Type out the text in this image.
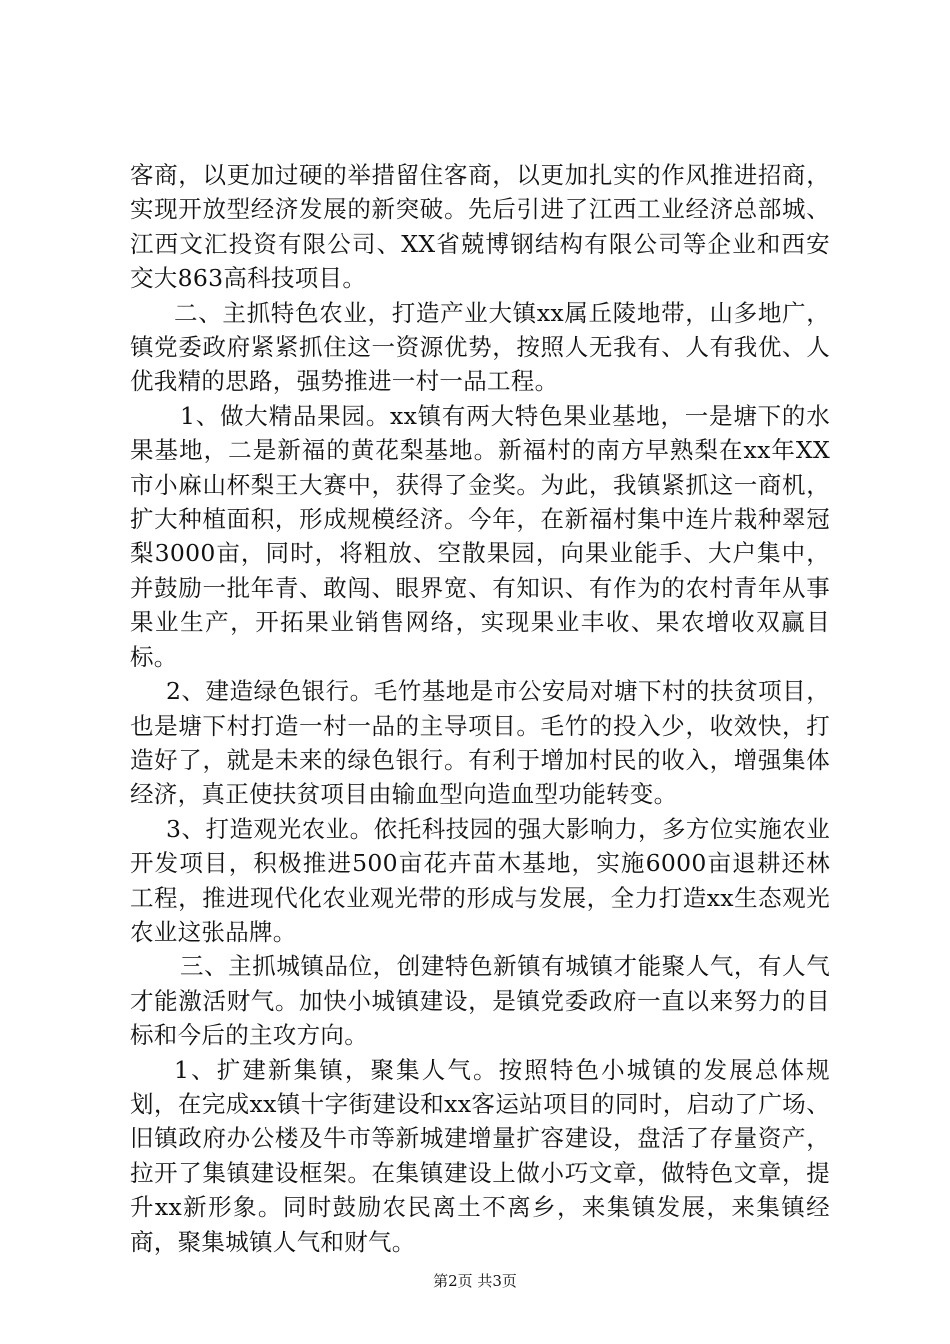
客商，以更加过硬的举措留住客商，以更加扎实的作风推进招商，实现开放型经济发展的新突破。先后引进了江西工业经济总部城、江西文汇投资有限公司、XX省兢博钢结构有限公司等企业和西安交大863高科技项目。

二、主抓特色农业，打造产业大镇xx属丘陵地带，山多地广，镇党委政府紧紧抓住这一资源优势，按照人无我有、人有我优、人优我精的思路，强势推进一村一品工程。

1、做大精品果园。xx镇有两大特色果业基地，一是塘下的水果基地，二是新福的黄花梨基地。新福村的南方早熟梨在xx年XX市小麻山杯梨王大赛中，获得了金奖。为此，我镇紧抓这一商机，扩大种植面积，形成规模经济。今年，在新福村集中连片栽种翠冠梨3000亩，同时，将粗放、空散果园，向果业能手、大户集中，并鼓励一批年青、敢闯、眼界宽、有知识、有作为的农村青年从事果业生产，开拓果业销售网络，实现果业丰收、果农增收双赢目标。

2、建造绿色银行。毛竹基地是市公安局对塘下村的扶贫项目，也是塘下村打造一村一品的主导项目。毛竹的投入少，收效快，打造好了，就是未来的绿色银行。有利于增加村民的收入，增强集体经济，真正使扶贫项目由输血型向造血型功能转变。

3、打造观光农业。依托科技园的强大影响力，多方位实施农业开发项目，积极推进500亩花卉苗木基地，实施6000亩退耕还林工程，推进现代化农业观光带的形成与发展，全力打造xx生态观光农业这张品牌。

三、主抓城镇品位，创建特色新镇有城镇才能聚人气，有人气才能激活财气。加快小城镇建设，是镇党委政府一直以来努力的目标和今后的主攻方向。

1、扩建新集镇，聚集人气。按照特色小城镇的发展总体规划，在完成xx镇十字街建设和xx客运站项目的同时，启动了广场、旧镇政府办公楼及牛市等新城建增量扩容建设，盘活了存量资产，拉开了集镇建设框架。在集镇建设上做小巧文章，做特色文章，提升xx新形象。同时鼓励农民离土不离乡，来集镇发展，来集镇经商，聚集城镇人气和财气。

第2页 共3页
